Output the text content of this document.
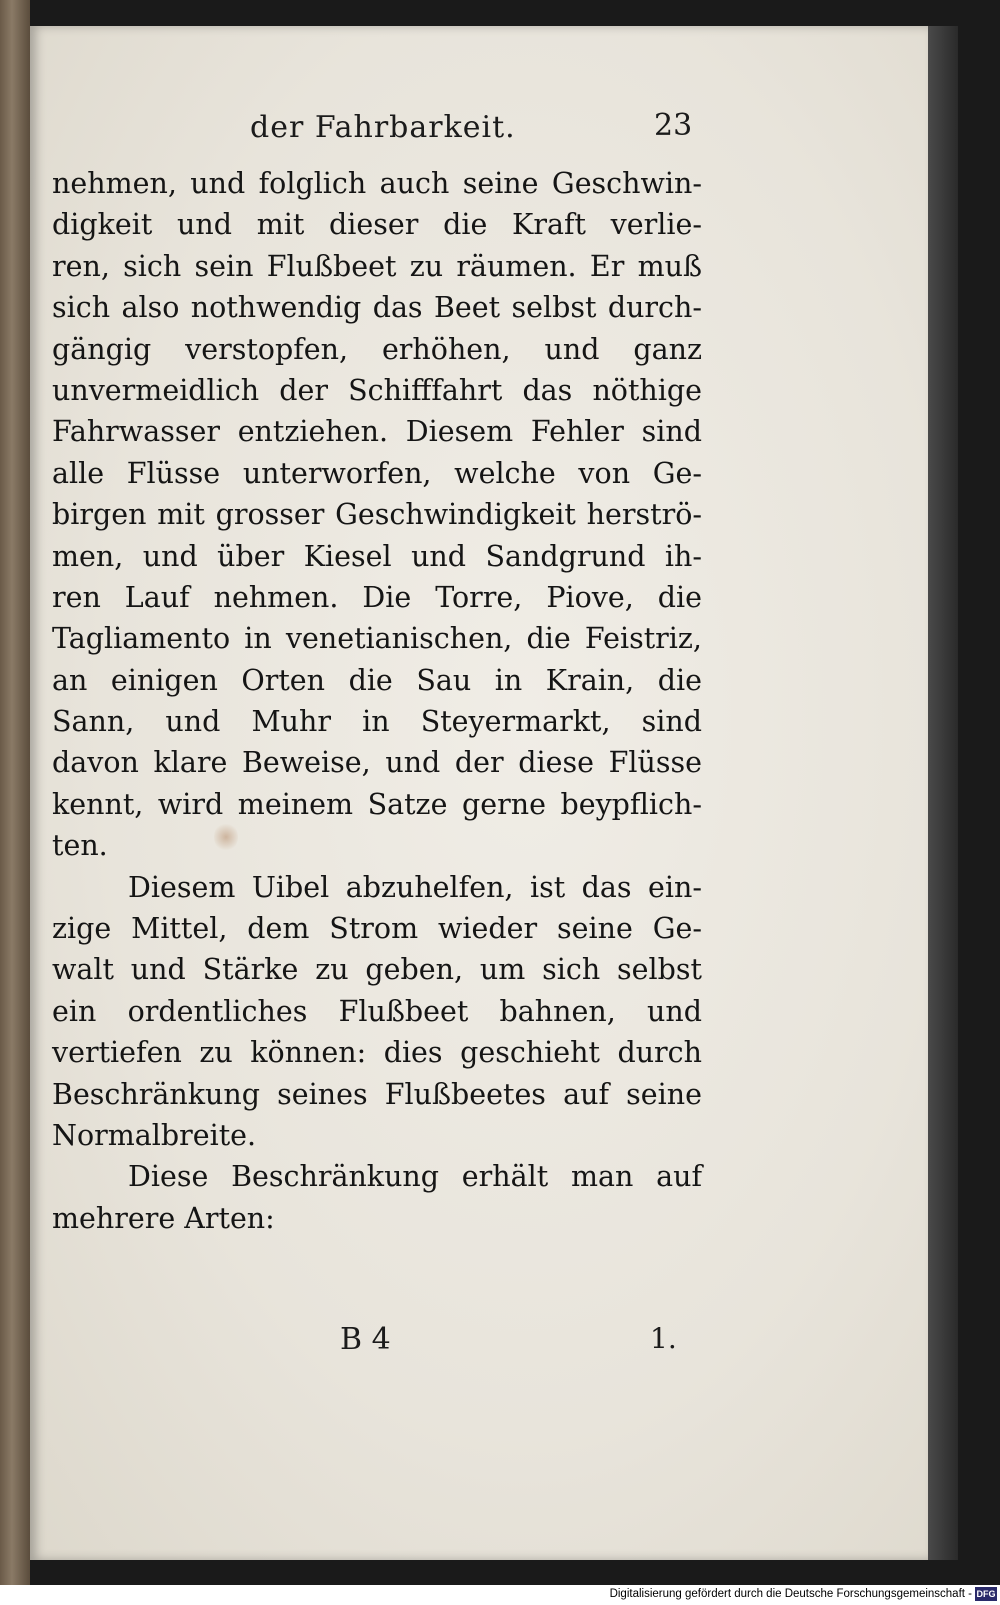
der Fahrbarkeit.	23
nehmen, und folglich auch seine Geschwin-
digkeit und mit dieser die Kraft verlie-
ren, sich sein Flußbeet zu räumen. Er muß
sich also nothwendig das Beet selbst durch-
gängig verstopfen, erhöhen, und ganz
unvermeidlich der Schifffahrt das nöthige
Fahrwasser entziehen. Diesem Fehler sind
alle Flüsse unterworfen, welche von Ge-
birgen mit grosser Geschwindigkeit herströ-
men, und über Kiesel und Sandgrund ih-
ren Lauf nehmen. Die Torre, Piove, die
Tagliamento in venetianischen, die Feistriz,
an einigen Orten die Sau in Krain, die
Sann, und Muhr in Steyermarkt, sind
davon klare Beweise, und der diese Flüsse
kennt, wird meinem Satze gerne beypflich-
ten.
Diesem Uibel abzuhelfen, ist das ein-
zige Mittel, dem Strom wieder seine Ge-
walt und Stärke zu geben, um sich selbst
ein ordentliches Flußbeet bahnen, und
vertiefen zu können: dies geschieht durch
Beschränkung seines Flußbeetes auf seine
Normalbreite.
Diese Beschränkung erhält man auf
mehrere Arten:
B 4	1.
Digitalisierung gefördert durch die Deutsche Forschungsgemeinschaft - DFG
